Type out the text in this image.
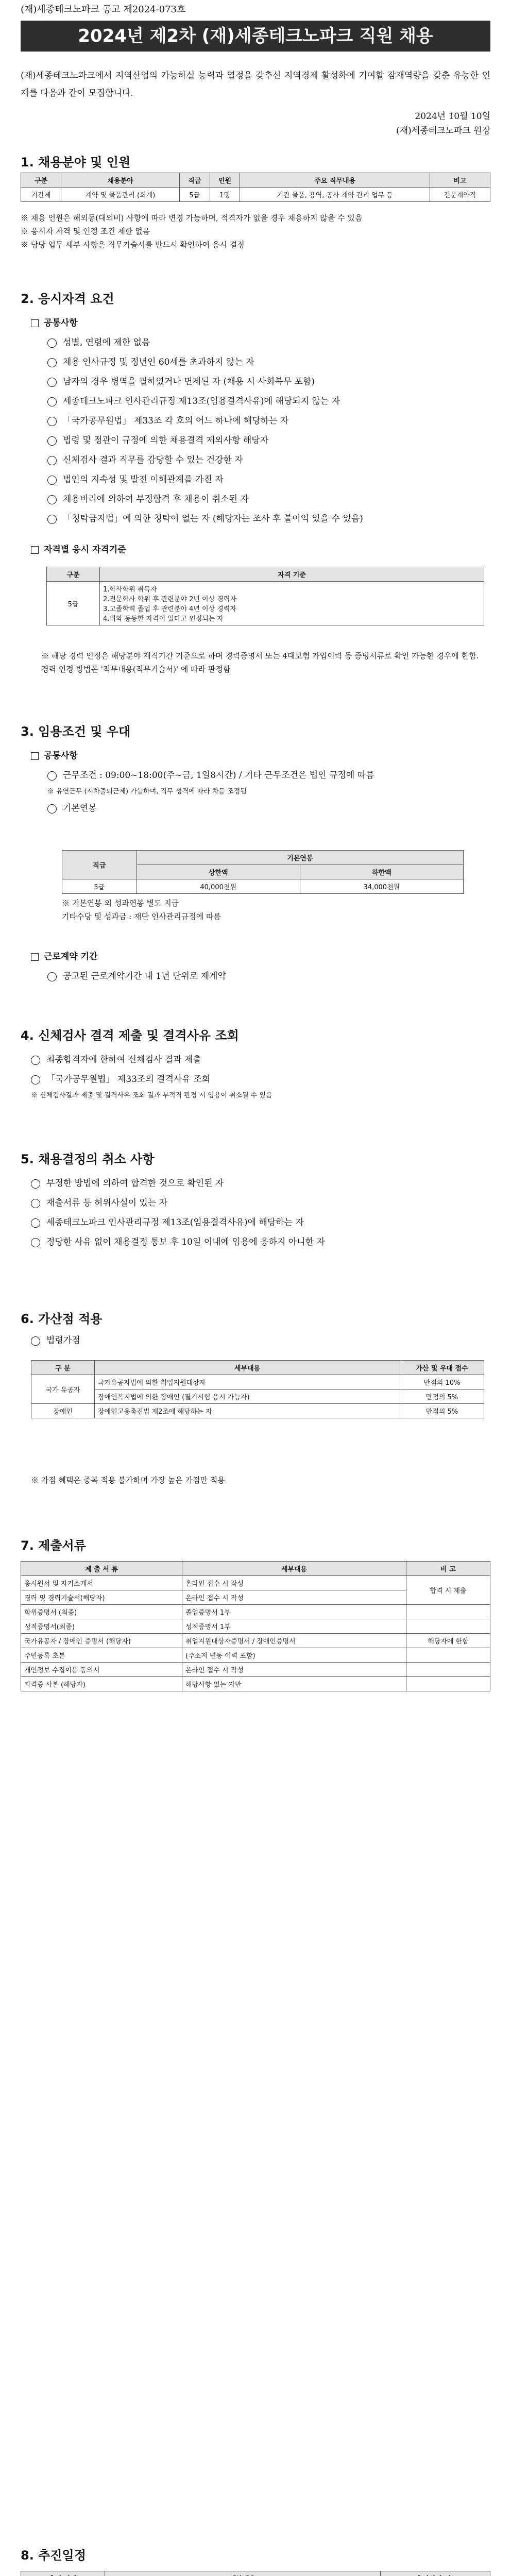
(재)세종테크노파크 공고 제2024-073호
2024년 제2차 (재)세종테크노파크 직원 채용
(재)세종테크노파크에서 지역산업의 가능하실 능력과 열정을 갖추신 지역경제 활성화에 기여할 잠재역량을 갖춘 유능한 인재를 다음과 같이 모집합니다.
2024년 10월 10일
(재)세종테크노파크 원장
1. 채용분야 및 인원
구분	채용분야	직급	인원	주요 직무내용	비고
기간제	계약 및 물품관리 (회계)	5급	1명	기관 물품, 용역, 공사 계약 관리 업무 등	전문계약직
※ 채용 인원은 해외동(대외비) 사항에 따라 변경 가능하며, 적격자가 없을 경우 채용하지 않을 수 있음
※ 응시자 자격 및 인정 조건 제한 없음
※ 담당 업무 세부 사항은 직무기술서를 반드시 확인하여 응시 결정
2. 응시자격 요건
공통사항
성별, 연령에 제한 없음
채용 인사규정 및 정년인 60세를 초과하지 않는 자
남자의 경우 병역을 필하였거나 면제된 자 (채용 시 사회복무 포함)
세종테크노파크 인사관리규정 제13조(임용결격사유)에 해당되지 않는 자
「국가공무원법」 제33조 각 호의 어느 하나에 해당하는 자
법령 및 정관이 규정에 의한 채용결격 제외사항 해당자
신체검사 결과 직무를 감당할 수 있는 건강한 자
법인의 지속성 및 발전 이해관계를 가진 자
채용비리에 의하여 부정합격 후 채용이 취소된 자
「청탁금지법」에 의한 청탁이 없는 자 (해당자는 조사 후 불이익 있을 수 있음)
자격별 응시 자격기준
구분	자격 기준
5급	1.학사학위 취득자
2.전문학사 학위 후 관련분야 2년 이상 경력자
3.고졸학력 졸업 후 관련분야 4년 이상 경력자
4.위와 동등한 자격이 있다고 인정되는 자
※ 해당 경력 인정은 해당분야 재직기간 기준으로 하며 경력증명서 또는 4대보험 가입이력 등 증빙서류로 확인 가능한 경우에 한함. 경력 인정 방법은 '직무내용(직무기술서)' 에 따라 판정함
3. 임용조건 및 우대
공통사항
근무조건 : 09:00~18:00(주~금, 1일8시간) / 기타 근무조건은 법인 규정에 따름
※ 유연근무 (시차출퇴근제) 가능하며, 직무 성격에 따라 차등 조정됨
기본연봉
직급	기본연봉	
	상한액	하한액
5급	40,000천원	34,000천원
※ 기본연봉 외 성과연봉 별도 지급
기타수당 및 성과금 : 재단 인사관리규정에 따름
근로계약 기간
공고된 근로계약기간 내 1년 단위로 재계약
4. 신체검사 결격 제출 및 결격사유 조회
최종합격자에 한하여 신체검사 결과 제출
「국가공무원법」 제33조의 결격사유 조회
※ 신체검사결과 제출 및 결격사유 조회 결과 부적격 판정 시 임용이 취소될 수 있음
5. 채용결정의 취소 사항
부정한 방법에 의하여 합격한 것으로 확인된 자
재출서류 등 허위사실이 있는 자
세종테크노파크 인사관리규정 제13조(임용결격사유)에 해당하는 자
정당한 사유 없이 채용결정 통보 후 10일 이내에 임용에 응하지 아니한 자
6. 가산점 적용
법령가점
구 분	세부대용	가산 및 우대 점수
국가 유공자	국가유공자법에 의한 취업지원대상자	만점의 10%
	장애인복지법에 의한 장애인 (필기시험 응시 가능자)	만점의 5%
장애인	장애인고용촉진법 제2조에 해당하는 자	만점의 5%
※ 가점 혜택은 중복 적용 불가하며 가장 높은 가점만 적용
7. 제출서류
제 출 서 류	세부대용	비 고
응시원서 및 자기소개서	온라인 접수 시 작성	합격 시 제출
경력 및 경력기술서(해당자)	온라인 접수 시 작성	
학위증명서 (최종)	졸업증명서 1부	
성적증명서(최종)	성적증명서 1부	
국가유공자 / 장애인 증명서 (해당자)	취업지원대상자증명서 / 장애인증명서	해당자에 한함
주민등록 초본	(주소지 변동 이력 포함)	
개인정보 수집이용 동의서	온라인 접수 시 작성	
자격증 사본 (해당자)	해당사항 있는 자만	
8. 추진일정
